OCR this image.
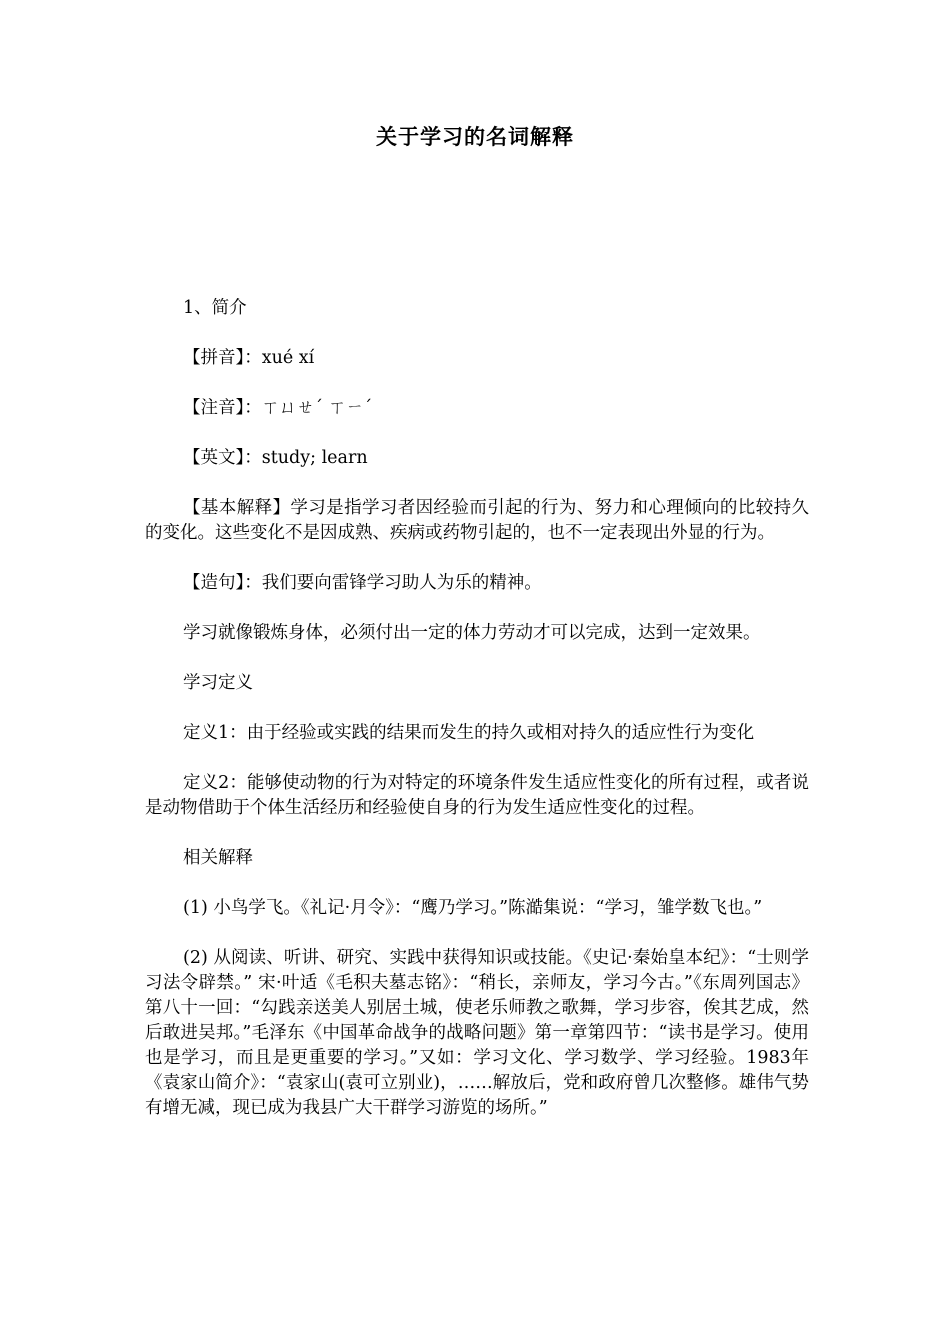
关于学习的名词解释

1、简介

【拼音】：xué xí

【注音】：ㄒㄩㄝˊ ㄒㄧˊ

【英文】：study; learn

【基本解释】学习是指学习者因经验而引起的行为、努力和心理倾向的比较持久的变化。这些变化不是因成熟、疾病或药物引起的，也不一定表现出外显的行为。

【造句】：我们要向雷锋学习助人为乐的精神。

学习就像锻炼身体，必须付出一定的体力劳动才可以完成，达到一定效果。

学习定义

定义1：由于经验或实践的结果而发生的持久或相对持久的适应性行为变化

定义2：能够使动物的行为对特定的环境条件发生适应性变化的所有过程，或者说是动物借助于个体生活经历和经验使自身的行为发生适应性变化的过程。

相关解释

(1) 小鸟学飞。《礼记·月令》：“鹰乃学习。”陈澔集说：“学习，雏学数飞也。”

(2) 从阅读、听讲、研究、实践中获得知识或技能。《史记·秦始皇本纪》：“士则学习法令辟禁。” 宋·叶适《毛积夫墓志铭》：“稍长，亲师友，学习今古。”《东周列国志》第八十一回：“勾践亲送美人别居土城，使老乐师教之歌舞，学习步容，俟其艺成，然后敢进吴邦。”毛泽东《中国革命战争的战略问题》第一章第四节：“读书是学习。使用也是学习，而且是更重要的学习。”又如：学习文化、学习数学、学习经验。1983年《袁家山简介》：“袁家山(袁可立别业)，……解放后，党和政府曾几次整修。雄伟气势有增无减，现已成为我县广大干群学习游览的场所。”
